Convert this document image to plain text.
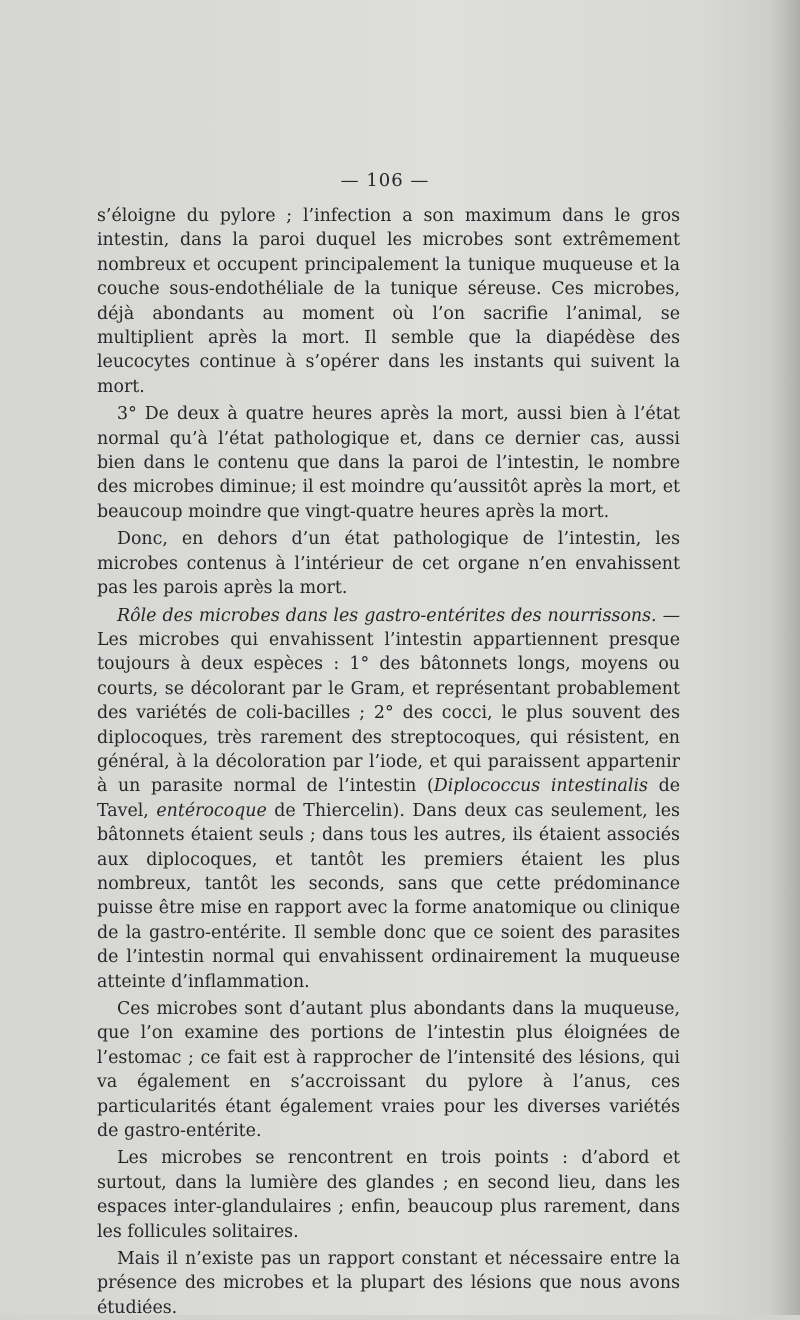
— 106 —

s’éloigne du pylore ; l’infection a son maximum dans le gros intestin, dans la paroi duquel les microbes sont extrêmement nombreux et occupent principalement la tunique muqueuse et la couche sous-endothéliale de la tunique séreuse. Ces microbes, déjà abondants au moment où l’on sacrifie l’animal, se multiplient après la mort. Il semble que la diapédèse des leucocytes continue à s’opérer dans les instants qui suivent la mort.

3° De deux à quatre heures après la mort, aussi bien à l’état normal qu’à l’état pathologique et, dans ce dernier cas, aussi bien dans le contenu que dans la paroi de l’intestin, le nombre des microbes diminue; il est moindre qu’aussitôt après la mort, et beaucoup moindre que vingt-quatre heures après la mort.

Donc, en dehors d’un état pathologique de l’intestin, les microbes contenus à l’intérieur de cet organe n’en envahissent pas les parois après la mort.

Rôle des microbes dans les gastro-entérites des nourrissons. — Les microbes qui envahissent l’intestin appartiennent presque toujours à deux espèces : 1° des bâtonnets longs, moyens ou courts, se décolorant par le Gram, et représentant probablement des variétés de coli-bacilles ; 2° des cocci, le plus souvent des diplocoques, très rarement des streptocoques, qui résistent, en général, à la décoloration par l’iode, et qui paraissent appartenir à un parasite normal de l’intestin (Diplococcus intestinalis de Tavel, entérocoque de Thiercelin). Dans deux cas seulement, les bâtonnets étaient seuls ; dans tous les autres, ils étaient associés aux diplocoques, et tantôt les premiers étaient les plus nombreux, tantôt les seconds, sans que cette prédominance puisse être mise en rapport avec la forme anatomique ou clinique de la gastro-entérite. Il semble donc que ce soient des parasites de l’intestin normal qui envahissent ordinairement la muqueuse atteinte d’inflammation.

Ces microbes sont d’autant plus abondants dans la muqueuse, que l’on examine des portions de l’intestin plus éloignées de l’estomac ; ce fait est à rapprocher de l’intensité des lésions, qui va également en s’accroissant du pylore à l’anus, ces particularités étant également vraies pour les diverses variétés de gastro-entérite.

Les microbes se rencontrent en trois points : d’abord et surtout, dans la lumière des glandes ; en second lieu, dans les espaces inter-glandulaires ; enfin, beaucoup plus rarement, dans les follicules solitaires.

Mais il n’existe pas un rapport constant et nécessaire entre la présence des microbes et la plupart des lésions que nous avons étudiées.
